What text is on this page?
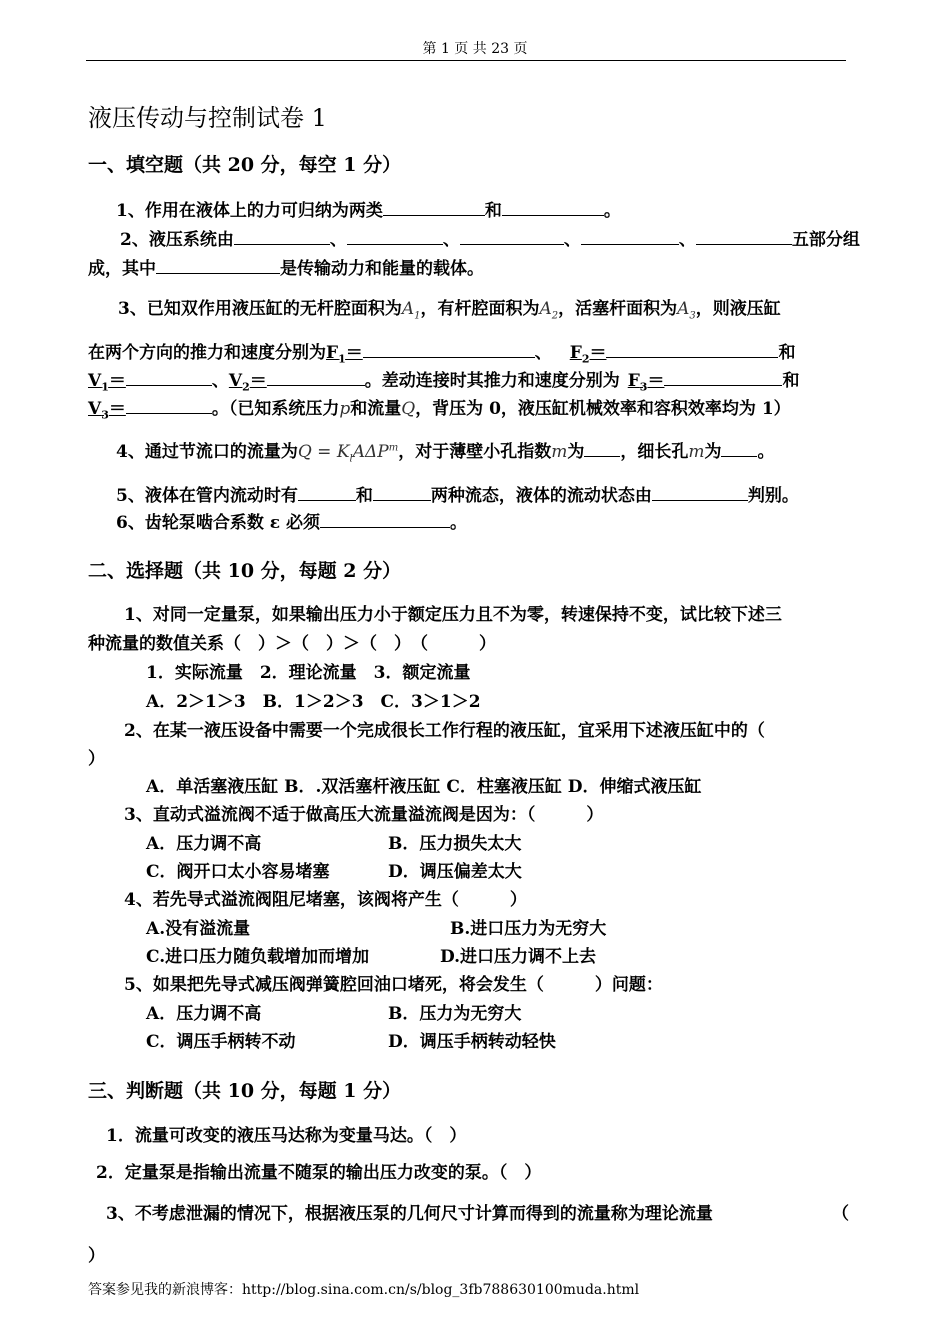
第 1 页 共 23 页
液压传动与控制试卷 1
一、填空题（共 20 分，每空 1 分）
1、作用在液体上的力可归纳为两类	和	。
2、液压系统由	、	、	、	、	五部分组
成，其中	是传输动力和能量的载体。
3、已知双作用液压缸的无杆腔面积为$A_1$，有杆腔面积为$A_2$，活塞杆面积为$A_3$，则液压缸
在两个方向的推力和速度分别为$F_1=$	、 $F_2=$	和
$V_1=$	、$V_2=$	。差动连接时其推力和速度分别为 $F_3=$	和
$V_3=$	。（已知系统压力p和流量Q，背压为 0，液压缸机械效率和容积效率均为 1）
4、通过节流口的流量为$Q = K_lA\Delta P^m$，对于薄壁小孔指数m为 ，细长孔m为 。
5、液体在管内流动时有	和	两种流态，液体的流动状态由	判别。
6、齿轮泵啮合系数 ε 必须	。
二、选择题（共 10 分，每题 2 分）
1、对同一定量泵，如果输出压力小于额定压力且不为零，转速保持不变，试比较下述三
种流量的数值关系（　）＞（　）＞（　）　（　　　）
1．实际流量　2．理论流量　3．额定流量
A．2＞1＞3　B．1＞2＞3　C．3＞1＞2
2、在某一液压设备中需要一个完成很长工作行程的液压缸，宜采用下述液压缸中的（
）
A．单活塞液压缸 B．.双活塞杆液压缸 C．柱塞液压缸 D．伸缩式液压缸
3、直动式溢流阀不适于做高压大流量溢流阀是因为：（　　　）
A．压力调不高	B．压力损失太大
C．阀开口太小容易堵塞	D．调压偏差太大
4、若先导式溢流阀阻尼堵塞，该阀将产生（　　　）
A.没有溢流量	B.进口压力为无穷大
C.进口压力随负载增加而增加	D.进口压力调不上去
5、如果把先导式减压阀弹簧腔回油口堵死，将会发生（　　　）问题：
A．压力调不高	B．压力为无穷大
C．调压手柄转不动	D．调压手柄转动轻快
三、判断题（共 10 分，每题 1 分）
1．流量可改变的液压马达称为变量马达。（　）
2．定量泵是指输出流量不随泵的输出压力改变的泵。（　）
3、不考虑泄漏的情况下，根据液压泵的几何尺寸计算而得到的流量称为理论流量	（
）
答案参见我的新浪博客：http://blog.sina.com.cn/s/blog_3fb788630100muda.html
